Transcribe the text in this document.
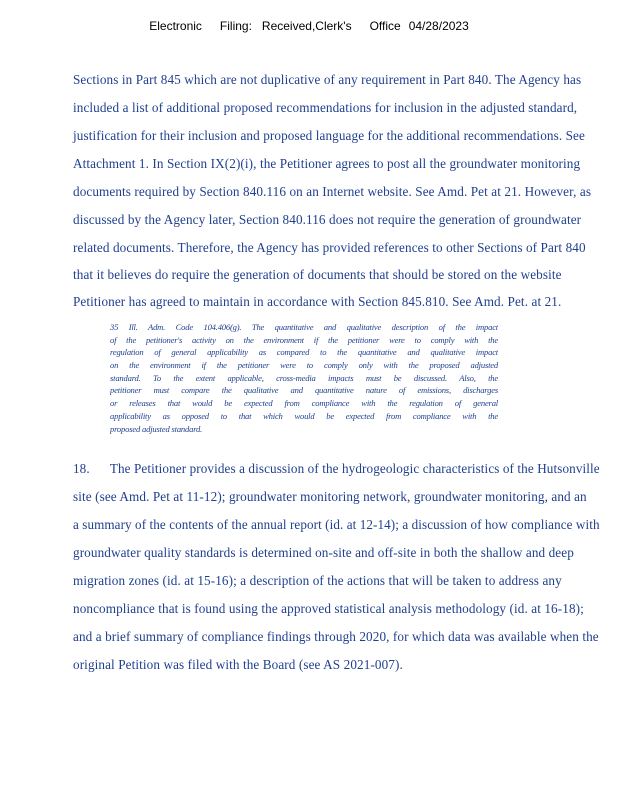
Electronic Filing: Received,Clerk's Office 04/28/2023
Sections in Part 845 which are not duplicative of any requirement in Part 840. The Agency has
included a list of additional proposed recommendations for inclusion in the adjusted standard,
justification for their inclusion and proposed language for the additional recommendations. See
Attachment 1. In Section IX(2)(i), the Petitioner agrees to post all the groundwater monitoring
documents required by Section 840.116 on an Internet website. See Amd. Pet at 21. However, as
discussed by the Agency later, Section 840.116 does not require the generation of groundwater
related documents. Therefore, the Agency has provided references to other Sections of Part 840
that it believes do require the generation of documents that should be stored on the website
Petitioner has agreed to maintain in accordance with Section 845.810. See Amd. Pet. at 21.
35 Ill. Adm. Code 104.406(g). The quantitative and qualitative description of the impact
of the petitioner's activity on the environment if the petitioner were to comply with the
regulation of general applicability as compared to the quantitative and qualitative impact
on the environment if the petitioner were to comply only with the proposed adjusted
standard. To the extent applicable, cross-media impacts must be discussed. Also, the
petitioner must compare the qualitative and quantitative nature of emissions, discharges
or releases that would be expected from compliance with the regulation of general
applicability as opposed to that which would be expected from compliance with the
proposed adjusted standard.
18.      The Petitioner provides a discussion of the hydrogeologic characteristics of the Hutsonville
site (see Amd. Pet at 11-12); groundwater monitoring network, groundwater monitoring, and an
a summary of the contents of the annual report (id. at 12-14); a discussion of how compliance with
groundwater quality standards is determined on-site and off-site in both the shallow and deep
migration zones (id. at 15-16); a description of the actions that will be taken to address any
noncompliance that is found using the approved statistical analysis methodology (id. at 16-18);
and a brief summary of compliance findings through 2020, for which data was available when the
original Petition was filed with the Board (see AS 2021-007).
